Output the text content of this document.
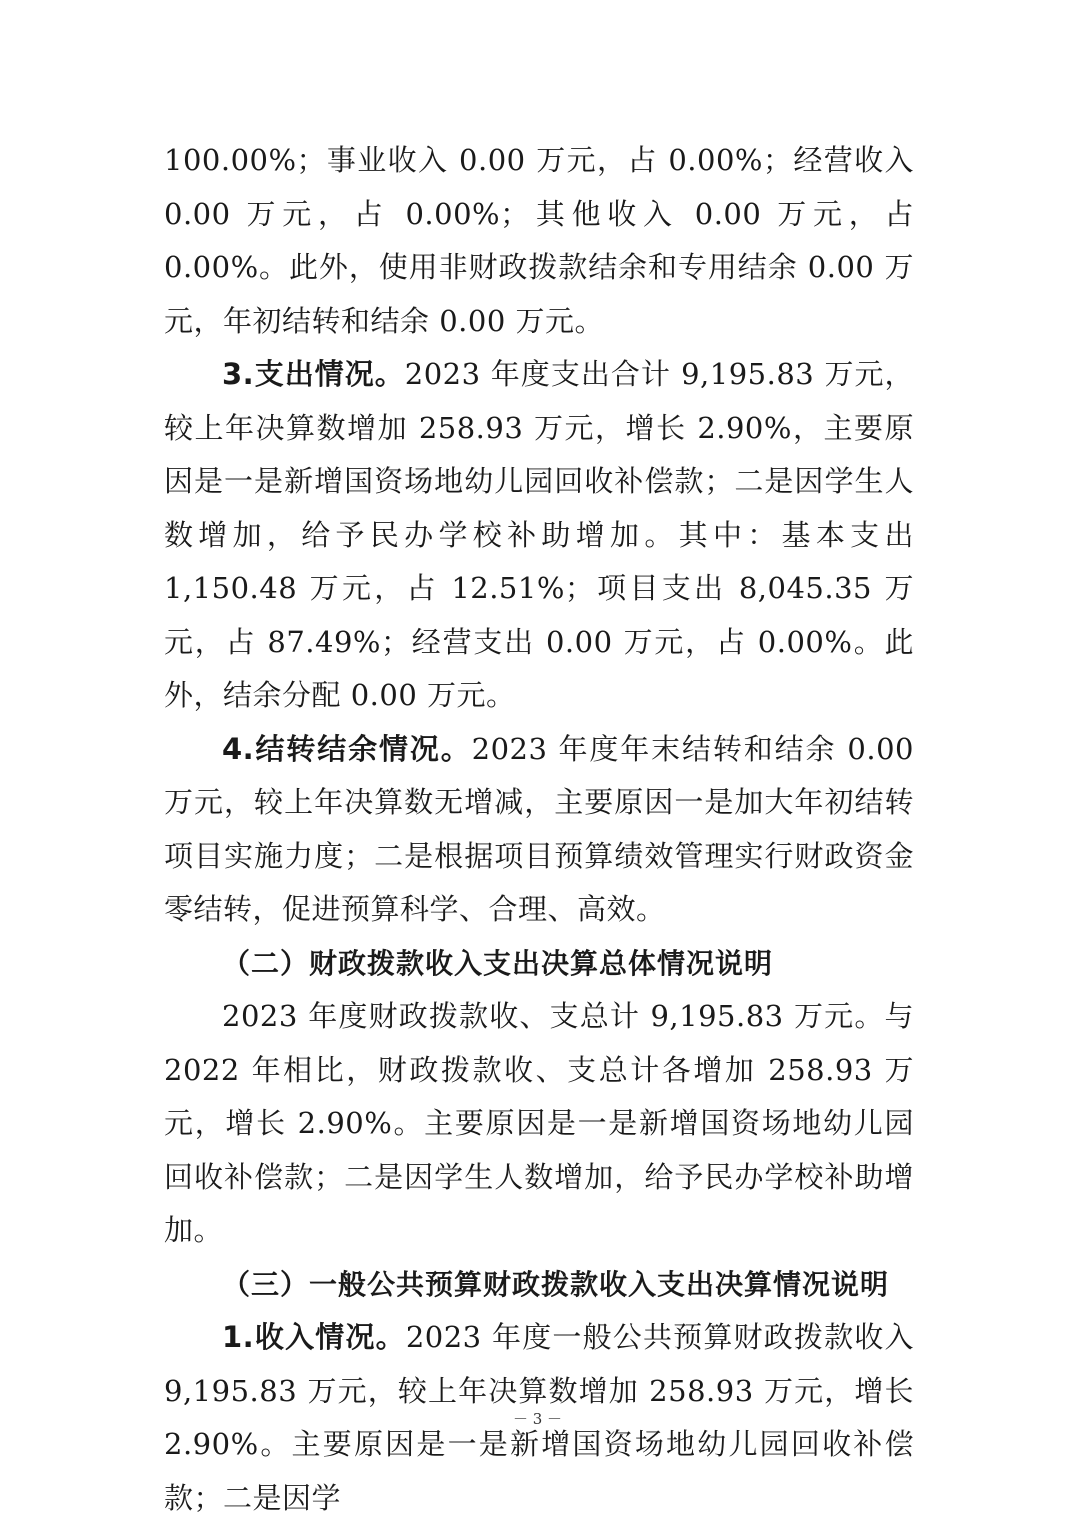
100.00%；事业收入 0.00 万元，占 0.00%；经营收入 0.00 万元，占 0.00%；其他收入 0.00 万元，占 0.00%。此外，使用非财政拨款结余和专用结余 0.00 万元，年初结转和结余 0.00 万元。

3.支出情况。2023 年度支出合计 9,195.83 万元，较上年决算数增加 258.93 万元，增长 2.90%，主要原因是一是新增国资场地幼儿园回收补偿款；二是因学生人数增加，给予民办学校补助增加。其中：基本支出 1,150.48 万元，占 12.51%；项目支出 8,045.35 万元，占 87.49%；经营支出 0.00 万元，占 0.00%。此外，结余分配 0.00 万元。

4.结转结余情况。2023 年度年末结转和结余 0.00 万元，较上年决算数无增减，主要原因一是加大年初结转项目实施力度；二是根据项目预算绩效管理实行财政资金零结转，促进预算科学、合理、高效。

（二）财政拨款收入支出决算总体情况说明

2023 年度财政拨款收、支总计 9,195.83 万元。与 2022 年相比，财政拨款收、支总计各增加 258.93 万元，增长 2.90%。主要原因是一是新增国资场地幼儿园回收补偿款；二是因学生人数增加，给予民办学校补助增加。

（三）一般公共预算财政拨款收入支出决算情况说明

1.收入情况。2023 年度一般公共预算财政拨款收入 9,195.83 万元，较上年决算数增加 258.93 万元，增长 2.90%。主要原因是一是新增国资场地幼儿园回收补偿款；二是因学

－ 3 －
